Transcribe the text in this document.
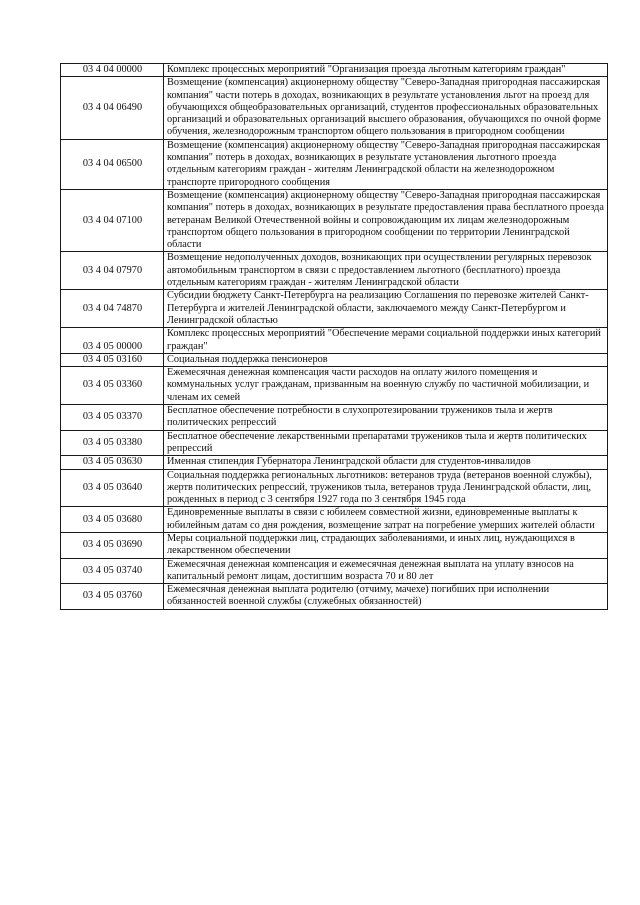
03 4 04 00000	Комплекс процессных мероприятий "Организация проезда льготным категориям граждан"
03 4 04 06490	Возмещение (компенсация) акционерному обществу "Северо-Западная пригородная пассажирская компания" части потерь в доходах, возникающих в результате установления льгот на проезд для обучающихся общеобразовательных организаций, студентов профессиональных образовательных организаций и образовательных организаций высшего образования, обучающихся по очной форме обучения, железнодорожным транспортом общего пользования в пригородном сообщении
03 4 04 06500	Возмещение (компенсация) акционерному обществу "Северо-Западная пригородная пассажирская компания" потерь в доходах, возникающих в результате установления льготного проезда отдельным категориям граждан - жителям Ленинградской области на железнодорожном транспорте пригородного сообщения
03 4 04 07100	Возмещение (компенсация) акционерному обществу "Северо-Западная пригородная пассажирская компания" потерь в доходах, возникающих в результате предоставления права бесплатного проезда ветеранам Великой Отечественной войны и сопровождающим их лицам железнодорожным транспортом общего пользования в пригородном сообщении по территории Ленинградской области
03 4 04 07970	Возмещение недополученных доходов, возникающих при осуществлении регулярных перевозок автомобильным транспортом в связи с предоставлением льготного (бесплатного) проезда отдельным категориям граждан - жителям Ленинградской области
03 4 04 74870	Субсидии бюджету Санкт-Петербурга на реализацию Соглашения по перевозке жителей Санкт-Петербурга и жителей Ленинградской области, заключаемого между Санкт-Петербургом и Ленинградской областью
03 4 05 00000	Комплекс процессных мероприятий "Обеспечение мерами социальной поддержки иных категорий граждан"
03 4 05 03160	Социальная поддержка пенсионеров
03 4 05 03360	Ежемесячная денежная компенсация части расходов на оплату жилого помещения и коммунальных услуг гражданам, призванным на военную службу по частичной мобилизации, и членам их семей
03 4 05 03370	Бесплатное обеспечение потребности в слухопротезировании тружеников тыла и жертв политических репрессий
03 4 05 03380	Бесплатное обеспечение лекарственными препаратами тружеников тыла и жертв политических репрессий
03 4 05 03630	Именная стипендия Губернатора Ленинградской области для студентов-инвалидов
03 4 05 03640	Социальная поддержка региональных льготников: ветеранов труда (ветеранов военной службы), жертв политических репрессий, тружеников тыла, ветеранов труда Ленинградской области, лиц, рожденных в период с 3 сентября 1927 года по 3 сентября 1945 года
03 4 05 03680	Единовременные выплаты в связи с юбилеем совместной жизни, единовременные выплаты к юбилейным датам со дня рождения, возмещение затрат на погребение умерших жителей области
03 4 05 03690	Меры социальной поддержки лиц, страдающих заболеваниями, и иных лиц, нуждающихся в лекарственном обеспечении
03 4 05 03740	Ежемесячная денежная компенсация и ежемесячная денежная выплата на уплату взносов на капитальный ремонт лицам, достигшим возраста 70 и 80 лет
03 4 05 03760	Ежемесячная денежная выплата родителю (отчиму, мачехе) погибших при исполнении обязанностей военной службы (служебных обязанностей)
